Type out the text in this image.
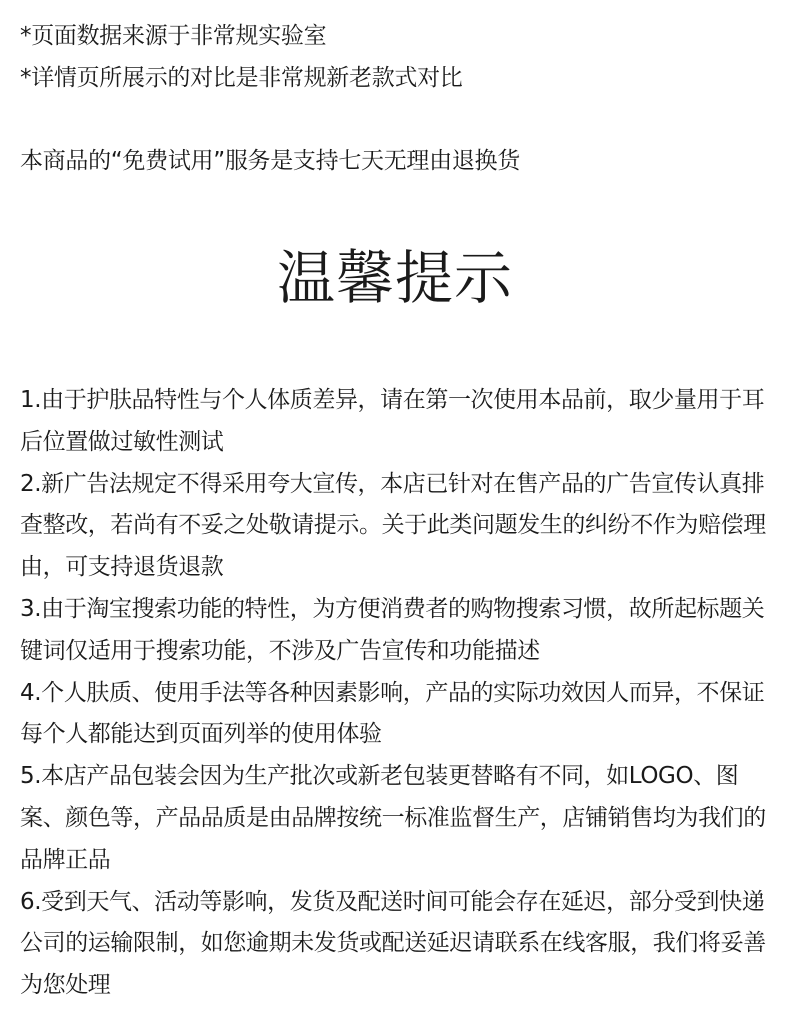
*页面数据来源于非常规实验室
*详情页所展示的对比是非常规新老款式对比
本商品的“免费试用”服务是支持七天无理由退换货
温馨提示

1.由于护肤品特性与个人体质差异，请在第一次使用本品前，取少量用于耳后位置做过敏性测试

2.新广告法规定不得采用夸大宣传，本店已针对在售产品的广告宣传认真排查整改，若尚有不妥之处敬请提示。关于此类问题发生的纠纷不作为赔偿理由，可支持退货退款

3.由于淘宝搜索功能的特性，为方便消费者的购物搜索习惯，故所起标题关键词仅适用于搜索功能，不涉及广告宣传和功能描述

4.个人肤质、使用手法等各种因素影响，产品的实际功效因人而异，不保证每个人都能达到页面列举的使用体验

5.本店产品包装会因为生产批次或新老包装更替略有不同，如LOGO、图案、颜色等，产品品质是由品牌按统一标准监督生产，店铺销售均为我们的品牌正品

6.受到天气、活动等影响，发货及配送时间可能会存在延迟，部分受到快递公司的运输限制，如您逾期未发货或配送延迟请联系在线客服，我们将妥善为您处理
